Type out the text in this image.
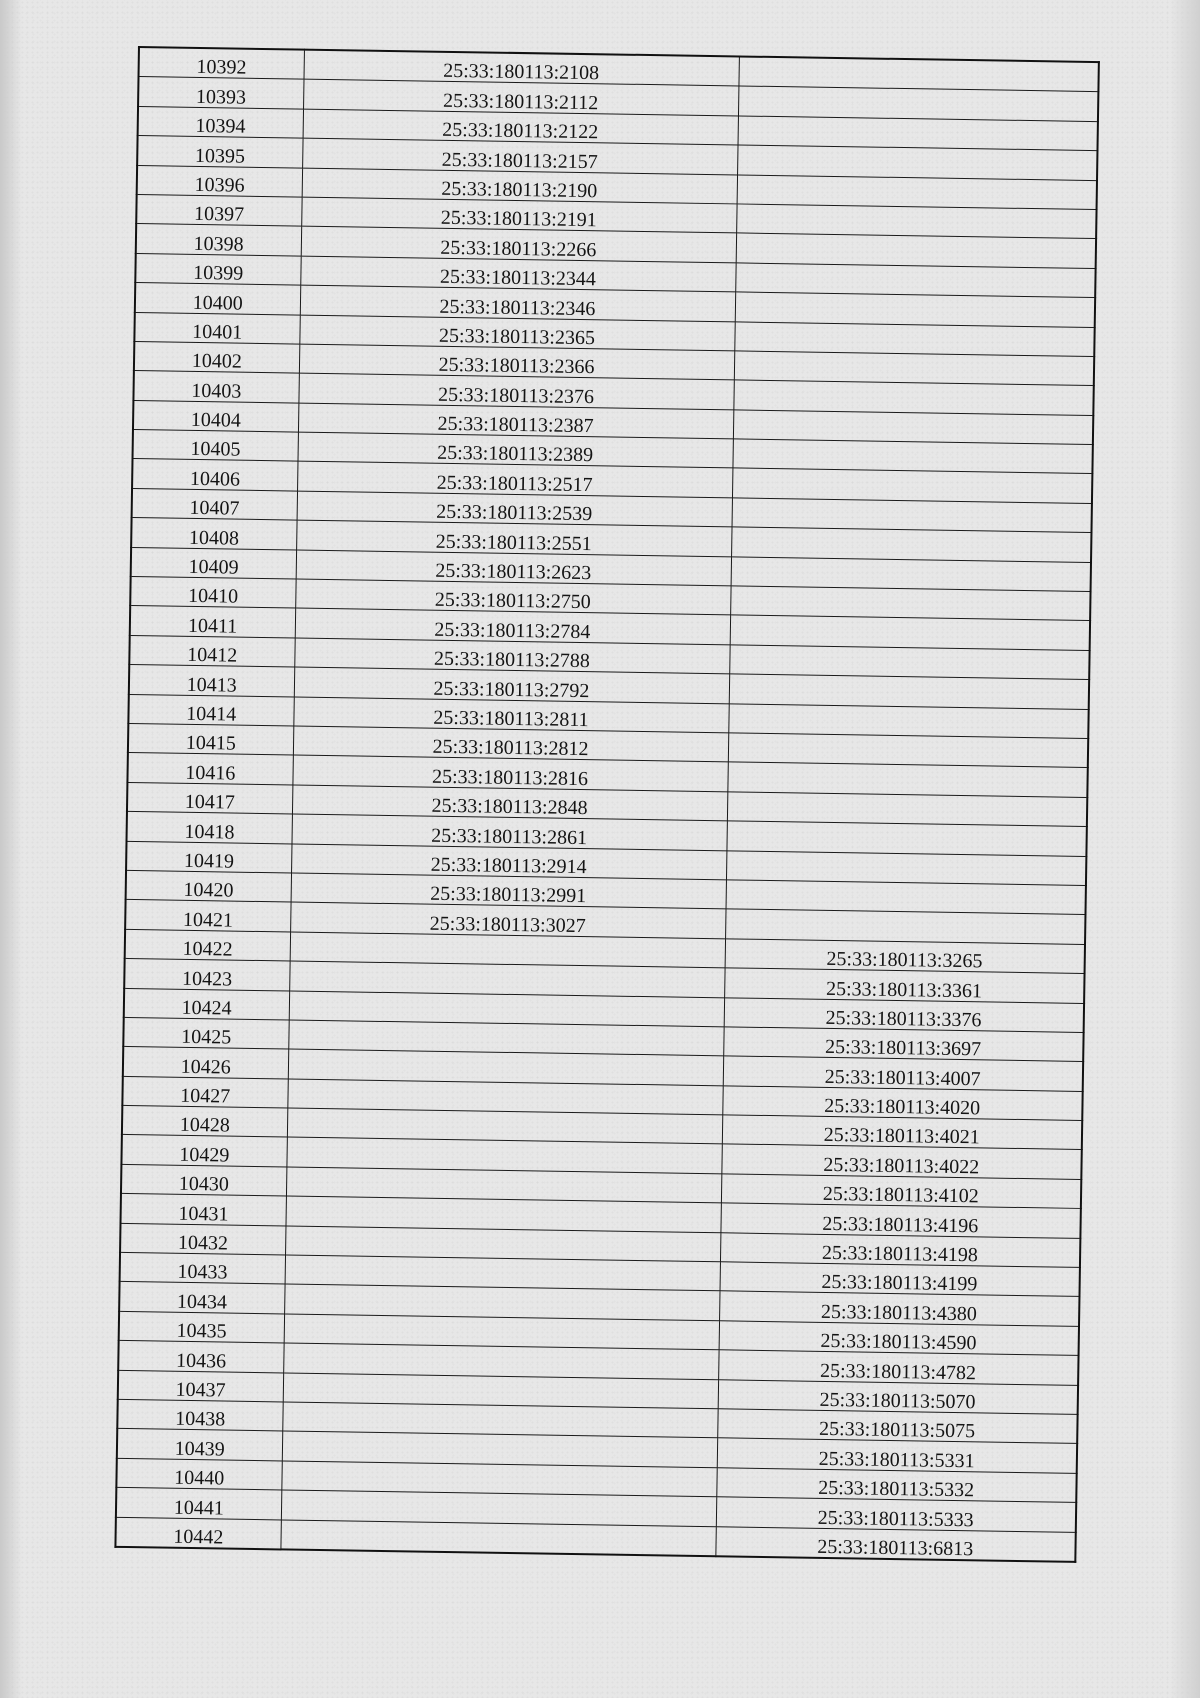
10392	25:33:180113:2108	
10393	25:33:180113:2112	
10394	25:33:180113:2122	
10395	25:33:180113:2157	
10396	25:33:180113:2190	
10397	25:33:180113:2191	
10398	25:33:180113:2266	
10399	25:33:180113:2344	
10400	25:33:180113:2346	
10401	25:33:180113:2365	
10402	25:33:180113:2366	
10403	25:33:180113:2376	
10404	25:33:180113:2387	
10405	25:33:180113:2389	
10406	25:33:180113:2517	
10407	25:33:180113:2539	
10408	25:33:180113:2551	
10409	25:33:180113:2623	
10410	25:33:180113:2750	
10411	25:33:180113:2784	
10412	25:33:180113:2788	
10413	25:33:180113:2792	
10414	25:33:180113:2811	
10415	25:33:180113:2812	
10416	25:33:180113:2816	
10417	25:33:180113:2848	
10418	25:33:180113:2861	
10419	25:33:180113:2914	
10420	25:33:180113:2991	
10421	25:33:180113:3027	
10422		25:33:180113:3265
10423		25:33:180113:3361
10424		25:33:180113:3376
10425		25:33:180113:3697
10426		25:33:180113:4007
10427		25:33:180113:4020
10428		25:33:180113:4021
10429		25:33:180113:4022
10430		25:33:180113:4102
10431		25:33:180113:4196
10432		25:33:180113:4198
10433		25:33:180113:4199
10434		25:33:180113:4380
10435		25:33:180113:4590
10436		25:33:180113:4782
10437		25:33:180113:5070
10438		25:33:180113:5075
10439		25:33:180113:5331
10440		25:33:180113:5332
10441		25:33:180113:5333
10442		25:33:180113:6813
